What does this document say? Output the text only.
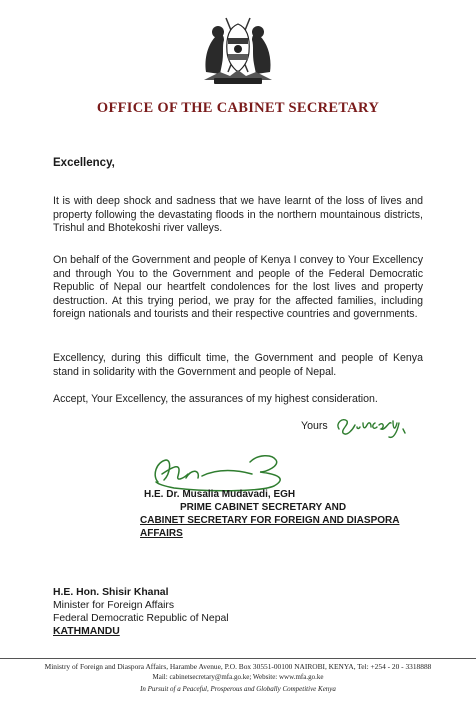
OFFICE OF THE CABINET SECRETARY
Excellency,
It is with deep shock and sadness that we have learnt of the loss of lives and property following the devastating floods in the northern mountainous districts, Trishul and Bhotekoshi river valleys.
On behalf of the Government and people of Kenya I convey to Your Excellency and through You to the Government and people of the Federal Democratic Republic of Nepal our heartfelt condolences for the lost lives and property destruction. At this trying period, we pray for the affected families, including foreign nationals and tourists and their respective countries and governments.
Excellency, during this difficult time, the Government and people of Kenya stand in solidarity with the Government and people of Nepal.
Accept, Your Excellency, the assurances of my highest consideration.
Yours
H.E. Dr. Musalia Mudavadi, EGH
PRIME CABINET SECRETARY AND
CABINET SECRETARY FOR FOREIGN AND DIASPORA AFFAIRS
H.E. Hon. Shisir Khanal
Minister for Foreign Affairs
Federal Democratic Republic of Nepal
KATHMANDU
Ministry of Foreign and Diaspora Affairs, Harambe Avenue, P.O. Box 30551-00100 NAIROBI, KENYA, Tel: +254 - 20 - 3318888
Mail: cabinetsecretary@mfa.go.ke; Website: www.mfa.go.ke
In Pursuit of a Peaceful, Prosperous and Globally Competitive Kenya
